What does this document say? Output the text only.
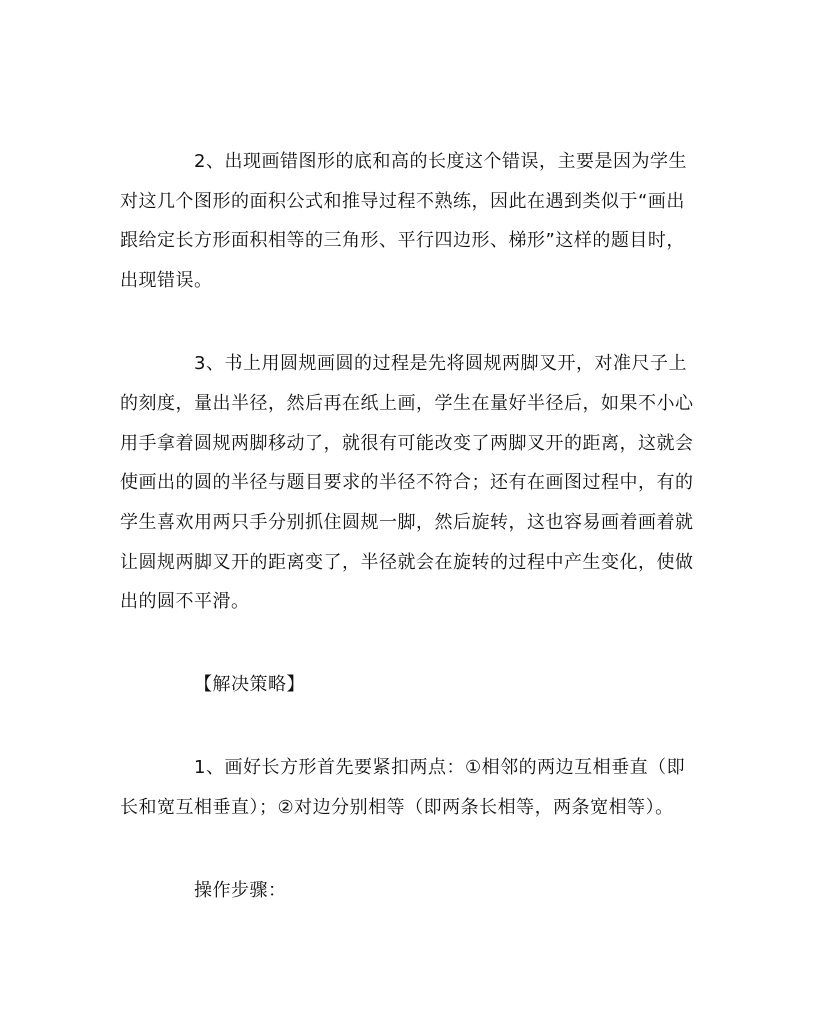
2、出现画错图形的底和高的长度这个错误，主要是因为学生
对这几个图形的面积公式和推导过程不熟练，因此在遇到类似于“画出
跟给定长方形面积相等的三角形、平行四边形、梯形”这样的题目时，
出现错误。
3、书上用圆规画圆的过程是先将圆规两脚叉开，对准尺子上
的刻度，量出半径，然后再在纸上画，学生在量好半径后，如果不小心
用手拿着圆规两脚移动了，就很有可能改变了两脚叉开的距离，这就会
使画出的圆的半径与题目要求的半径不符合；还有在画图过程中，有的
学生喜欢用两只手分别抓住圆规一脚，然后旋转，这也容易画着画着就
让圆规两脚叉开的距离变了，半径就会在旋转的过程中产生变化，使做
出的圆不平滑。
【解决策略】
1、画好长方形首先要紧扣两点：①相邻的两边互相垂直（即
长和宽互相垂直）；②对边分别相等（即两条长相等，两条宽相等）。
操作步骤：
